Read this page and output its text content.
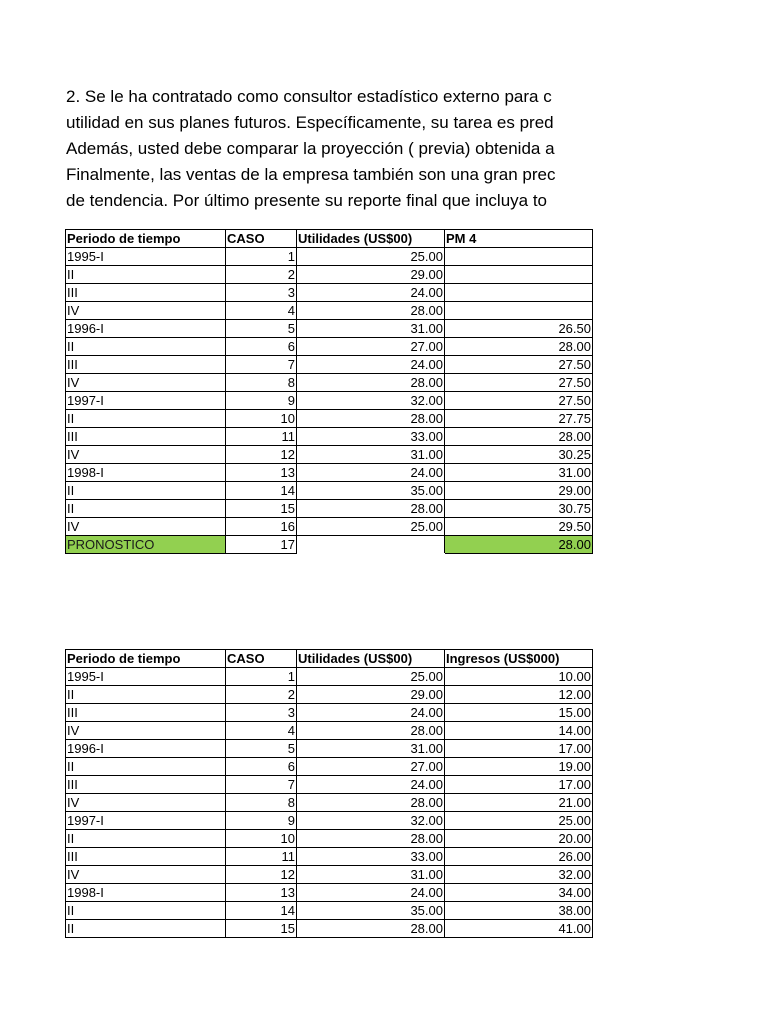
2. Se le ha contratado como consultor estadístico externo para c
utilidad en sus planes futuros. Específicamente, su tarea es pred
Además, usted debe comparar la proyección ( previa) obtenida a
Finalmente, las ventas de la empresa también son una gran prec
de tendencia. Por último presente su reporte final que incluya to
Periodo de tiempo	CASO	Utilidades (US$00)	PM 4
1995-I	1	25.00	
II	2	29.00	
III	3	24.00	
IV	4	28.00	
1996-I	5	31.00	26.50
II	6	27.00	28.00
III	7	24.00	27.50
IV	8	28.00	27.50
1997-I	9	32.00	27.50
II	10	28.00	27.75
III	11	33.00	28.00
IV	12	31.00	30.25
1998-I	13	24.00	31.00
II	14	35.00	29.00
II	15	28.00	30.75
IV	16	25.00	29.50
PRONOSTICO	17		28.00
Periodo de tiempo	CASO	Utilidades (US$00)	Ingresos (US$000)
1995-I	1	25.00	10.00
II	2	29.00	12.00
III	3	24.00	15.00
IV	4	28.00	14.00
1996-I	5	31.00	17.00
II	6	27.00	19.00
III	7	24.00	17.00
IV	8	28.00	21.00
1997-I	9	32.00	25.00
II	10	28.00	20.00
III	11	33.00	26.00
IV	12	31.00	32.00
1998-I	13	24.00	34.00
II	14	35.00	38.00
II	15	28.00	41.00
